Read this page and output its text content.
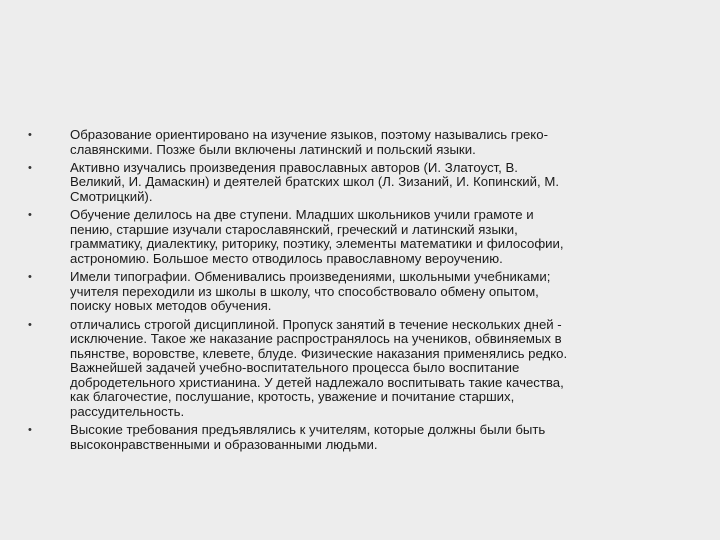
•	Образование ориентировано на изучение языков, поэтому назывались греко-
славянскими. Позже были включены латинский и польский языки.
•	Активно изучались произведения православных авторов (И. Златоуст, В.
Великий, И. Дамаскин) и деятелей братских школ (Л. Зизаний, И. Копинский, М.
Смотрицкий).
•	Обучение делилось на две ступени. Младших школьников учили грамоте и
пению, старшие изучали старославянский, греческий и латинский языки,
грамматику, диалектику, риторику, поэтику, элементы математики и философии,
астрономию. Большое место отводилось православному вероучению.
•	Имели типографии. Обменивались произведениями, школьными учебниками;
учителя переходили из школы в школу, что способствовало обмену опытом,
поиску новых методов обучения.
•	отличались строгой дисциплиной. Пропуск занятий в течение нескольких дней -
исключение. Такое же наказание распространялось на учеников, обвиняемых в
пьянстве, воровстве, клевете, блуде. Физические наказания применялись редко.
Важнейшей задачей учебно-воспитательного процесса было воспитание
добродетельного христианина. У детей надлежало воспитывать такие качества,
как благочестие, послушание, кротость, уважение и почитание старших,
рассудительность.
•	Высокие требования предъявлялись к учителям, которые должны были быть
высоконравственными и образованными людьми.
